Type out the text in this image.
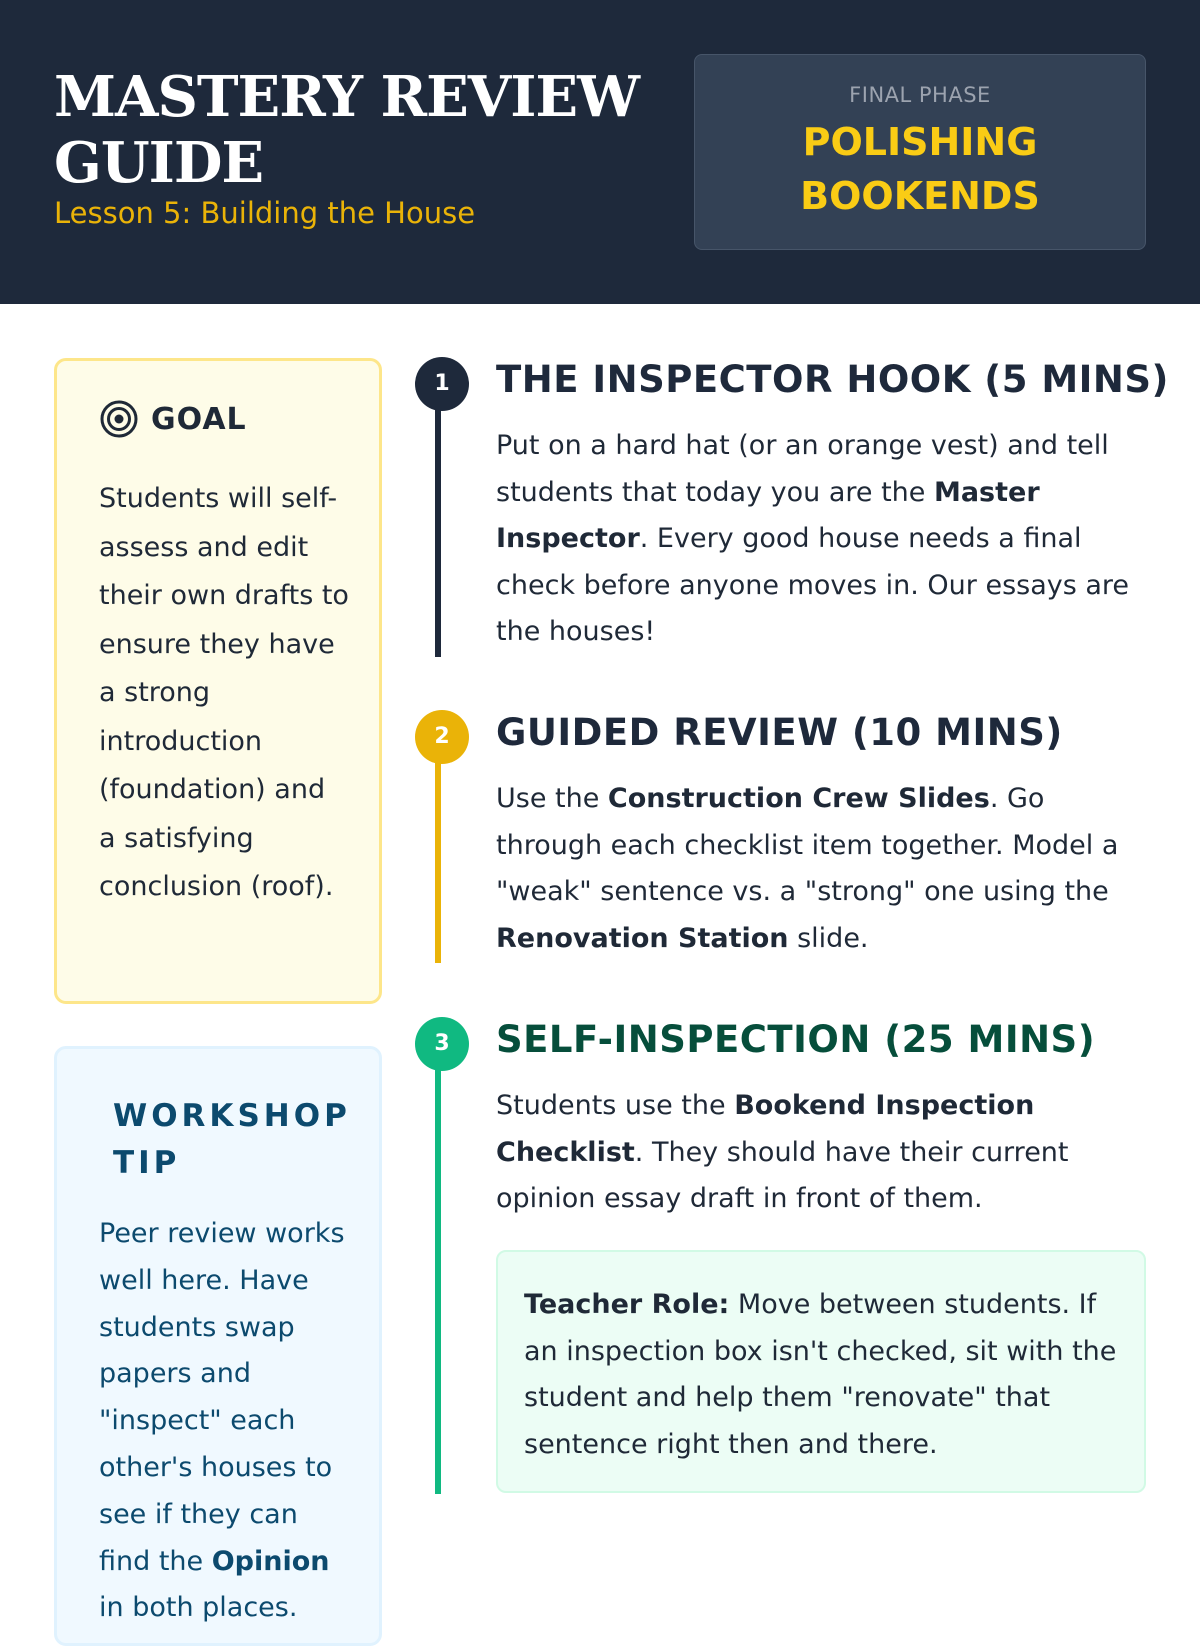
MASTERY REVIEW GUIDE
Lesson 5: Building the House
FINAL PHASE
POLISHING BOOKENDS
GOAL
Students will self-assess and edit their own drafts to ensure they have a strong introduction (foundation) and a satisfying conclusion (roof).
WORKSHOP TIP
Peer review works well here. Have students swap papers and "inspect" each other's houses to see if they can find the Opinion in both places.
1	THE INSPECTOR HOOK (5 MINS)
Put on a hard hat (or an orange vest) and tell students that today you are the Master Inspector. Every good house needs a final check before anyone moves in. Our essays are the houses!
2	GUIDED REVIEW (10 MINS)
Use the Construction Crew Slides. Go through each checklist item together. Model a "weak" sentence vs. a "strong" one using the Renovation Station slide.
3	SELF-INSPECTION (25 MINS)
Students use the Bookend Inspection Checklist. They should have their current opinion essay draft in front of them.
Teacher Role: Move between students. If an inspection box isn't checked, sit with the student and help them "renovate" that sentence right then and there.
